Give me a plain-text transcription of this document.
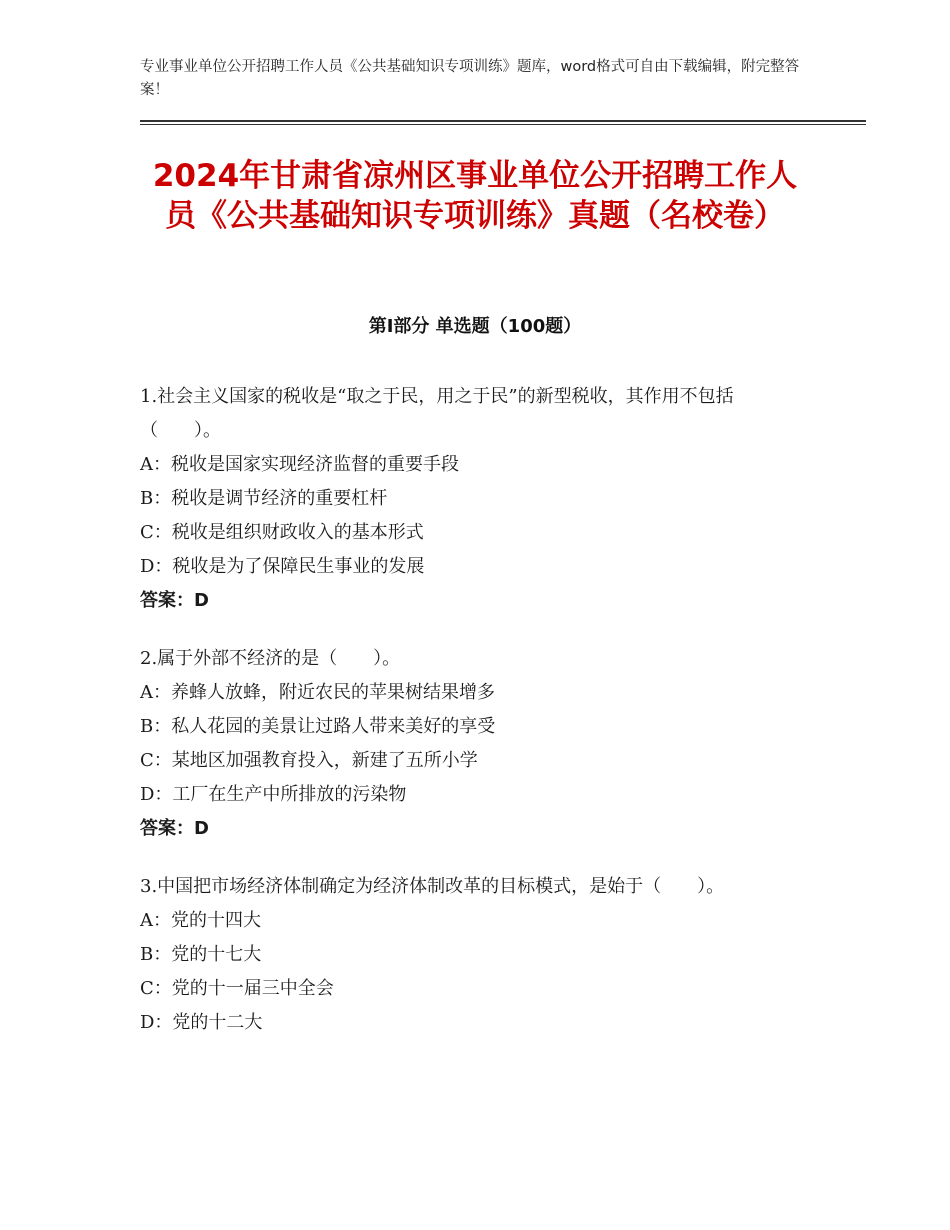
专业事业单位公开招聘工作人员《公共基础知识专项训练》题库，word格式可自由下载编辑，附完整答案！
2024年甘肃省凉州区事业单位公开招聘工作人员《公共基础知识专项训练》真题（名校卷）
第Ⅰ部分 单选题（100题）

1.社会主义国家的税收是“取之于民，用之于民”的新型税收，其作用不包括（　　）。

A：税收是国家实现经济监督的重要手段

B：税收是调节经济的重要杠杆

C：税收是组织财政收入的基本形式

D：税收是为了保障民生事业的发展

答案：D

2.属于外部不经济的是（　　）。

A：养蜂人放蜂，附近农民的苹果树结果增多

B：私人花园的美景让过路人带来美好的享受

C：某地区加强教育投入，新建了五所小学

D：工厂在生产中所排放的污染物

答案：D

3.中国把市场经济体制确定为经济体制改革的目标模式，是始于（　　）。

A：党的十四大

B：党的十七大

C：党的十一届三中全会

D：党的十二大
